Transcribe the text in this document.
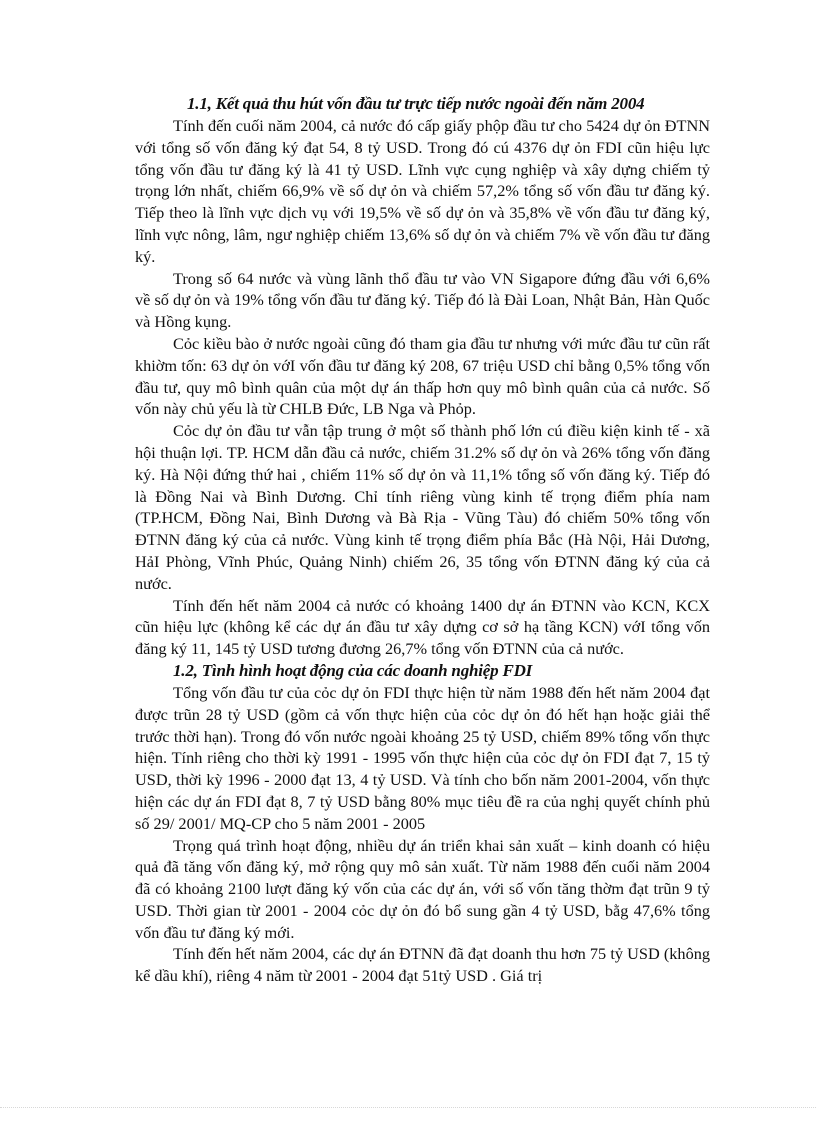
1.1, Kết quả thu hút vốn đầu tư trực tiếp nước ngoài đến năm 2004

Tính đến cuối năm 2004, cả nước đó cấp giấy phộp đầu tư cho 5424 dự ỏn ĐTNN với tổng số vốn đăng ký đạt 54, 8 tỷ USD. Trong đó cú 4376 dự ỏn FDI cũn hiệu lực tổng vốn đầu tư đăng ký là 41 tỷ USD. Lĩnh vực cụng nghiệp và xây dựng chiếm tỷ trọng lớn nhất, chiếm 66,9% về số dự ỏn và chiếm 57,2% tổng số vốn đầu tư đăng ký. Tiếp theo là lĩnh vực dịch vụ với 19,5% về số dự ỏn và 35,8% về vốn đầu tư đăng ký, lĩnh vực nông, lâm, ngư nghiệp chiếm 13,6% số dự ỏn và chiếm 7% về vốn đầu tư đăng ký.

Trong số 64 nước và vùng lãnh thổ đầu tư vào VN Sigapore đứng đầu với 6,6% về số dự ỏn và 19% tổng vốn đầu tư đăng ký. Tiếp đó là Đài Loan, Nhật Bản, Hàn Quốc và Hồng kụng.

Cỏc kiều bào ở nước ngoài cũng đó tham gia đầu tư nhưng với mức đầu tư cũn rất khiờm tốn: 63 dự ỏn vớI vốn đầu tư đăng ký 208, 67 triệu USD chỉ bằng 0,5% tổng vốn đầu tư, quy mô bình quân của một dự án thấp hơn quy mô bình quân của cả nước. Số vốn này chủ yếu là từ CHLB Đức, LB Nga và Phỏp.

Cỏc dự ỏn đầu tư vẫn tập trung ở một số thành phố lớn cú điều kiện kinh tế - xã hội thuận lợi. TP. HCM dẫn đầu cả nước, chiếm 31.2% số dự ỏn và 26% tổng vốn đăng ký. Hà Nội đứng thứ hai , chiếm 11% số dự ỏn và 11,1% tổng số vốn đăng ký. Tiếp đó là Đồng Nai và Bình Dương. Chỉ tính riêng vùng kinh tế trọng điểm phía nam (TP.HCM, Đồng Nai, Bình Dương và Bà Rịa - Vũng Tàu) đó chiếm 50% tổng vốn ĐTNN đăng ký của cả nước. Vùng kinh tế trọng điểm phía Bắc (Hà Nội, Hải Dương, HảI Phòng, Vĩnh Phúc, Quảng Ninh) chiếm 26, 35 tổng vốn ĐTNN đăng ký của cả nước.

Tính đến hết năm 2004 cả nước có khoảng 1400 dự án ĐTNN vào KCN, KCX cũn hiệu lực (không kể các dự án đầu tư xây dựng cơ sở hạ tầng KCN) vớI tổng vốn đăng ký 11, 145 tỷ USD tương đương 26,7% tổng vốn ĐTNN của cả nước.

1.2, Tình hình hoạt động của các doanh nghiệp FDI

Tổng vốn đầu tư của cỏc dự ỏn FDI thực hiện từ năm 1988 đến hết năm 2004 đạt được trũn 28 tỷ USD (gồm cả vốn thực hiện của cỏc dự ỏn đó hết hạn hoặc giải thể trước thời hạn). Trong đó vốn nước ngoài khoảng 25 tỷ USD, chiếm 89% tổng vốn thực hiện. Tính riêng cho thời kỳ 1991 - 1995 vốn thực hiện của cỏc dự ỏn FDI đạt 7, 15 tỷ USD, thời kỳ 1996 - 2000 đạt 13, 4 tỷ USD. Và tính cho bốn năm 2001-2004, vốn thực hiện các dự án FDI đạt 8, 7 tỷ USD bằng 80% mục tiêu đề ra của nghị quyết chính phủ số 29/ 2001/ MQ-CP cho 5 năm 2001 - 2005

Trọng quá trình hoạt động, nhiều dự án triển khai sản xuất – kinh doanh có hiệu quả đã tăng vốn đăng ký, mở rộng quy mô sản xuất. Từ năm 1988 đến cuối năm 2004 đã có khoảng 2100 lượt đăng ký vốn của các dự án, với số vốn tăng thờm đạt trũn 9 tỷ USD. Thời gian từ 2001 - 2004 cỏc dự ỏn đó bổ sung gần 4 tỷ USD, bằg 47,6% tổng vốn đầu tư đăng ký mới.

Tính đến hết năm 2004, các dự án ĐTNN đã đạt doanh thu hơn 75 tỷ USD (không kể dầu khí), riêng 4 năm từ 2001 - 2004 đạt 51tỷ USD . Giá trị
